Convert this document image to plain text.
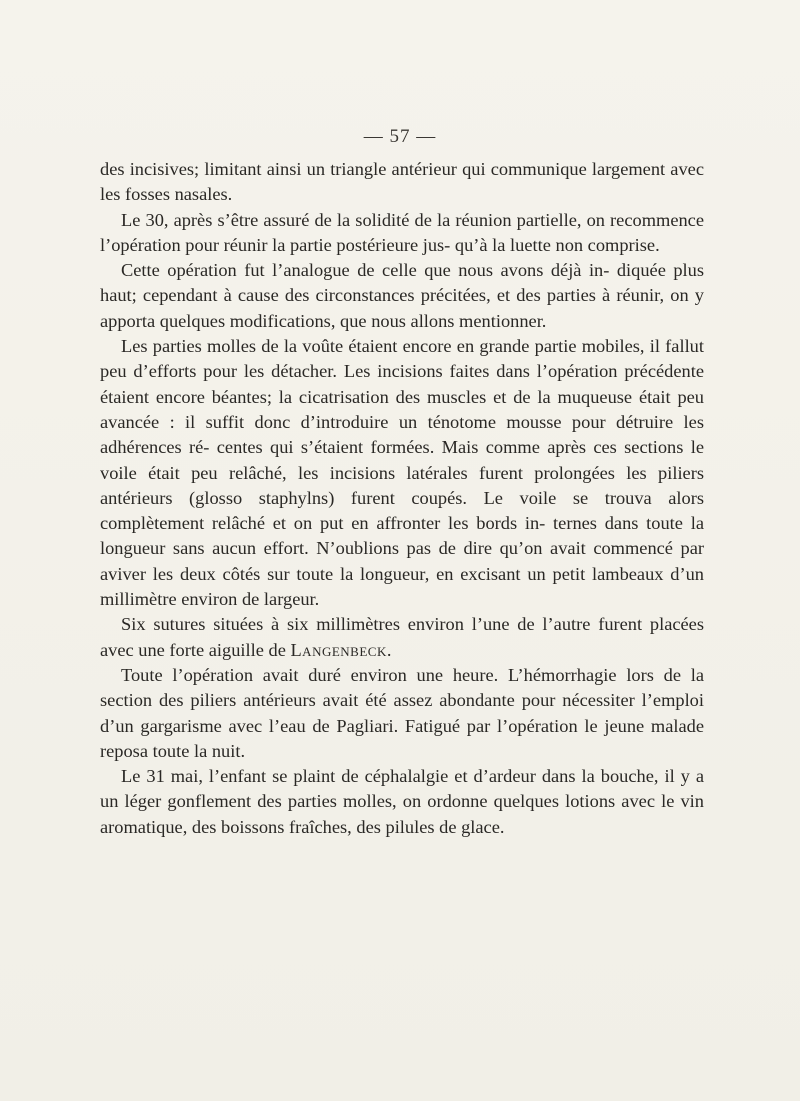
— 57 —

des incisives; limitant ainsi un triangle antérieur qui communique largement avec les fosses nasales.

Le 30, après s’être assuré de la solidité de la réunion partielle, on recommence l’opération pour réunir la partie postérieure jus- qu’à la luette non comprise.

Cette opération fut l’analogue de celle que nous avons déjà in- diquée plus haut; cependant à cause des circonstances précitées, et des parties à réunir, on y apporta quelques modifications, que nous allons mentionner.

Les parties molles de la voûte étaient encore en grande partie mobiles, il fallut peu d’efforts pour les détacher. Les incisions faites dans l’opération précédente étaient encore béantes; la cicatrisation des muscles et de la muqueuse était peu avancée : il suffit donc d’introduire un ténotome mousse pour détruire les adhérences ré- centes qui s’étaient formées. Mais comme après ces sections le voile était peu relâché, les incisions latérales furent prolongées les piliers antérieurs (glosso staphylns) furent coupés. Le voile se trouva alors complètement relâché et on put en affronter les bords in- ternes dans toute la longueur sans aucun effort. N’oublions pas de dire qu’on avait commencé par aviver les deux côtés sur toute la longueur, en excisant un petit lambeaux d’un millimètre environ de largeur.

Six sutures situées à six millimètres environ l’une de l’autre furent placées avec une forte aiguille de Langenbeck.

Toute l’opération avait duré environ une heure. L’hémorrhagie lors de la section des piliers antérieurs avait été assez abondante pour nécessiter l’emploi d’un gargarisme avec l’eau de Pagliari. Fatigué par l’opération le jeune malade reposa toute la nuit.

Le 31 mai, l’enfant se plaint de céphalalgie et d’ardeur dans la bouche, il y a un léger gonflement des parties molles, on ordonne quelques lotions avec le vin aromatique, des boissons fraîches, des pilules de glace.
